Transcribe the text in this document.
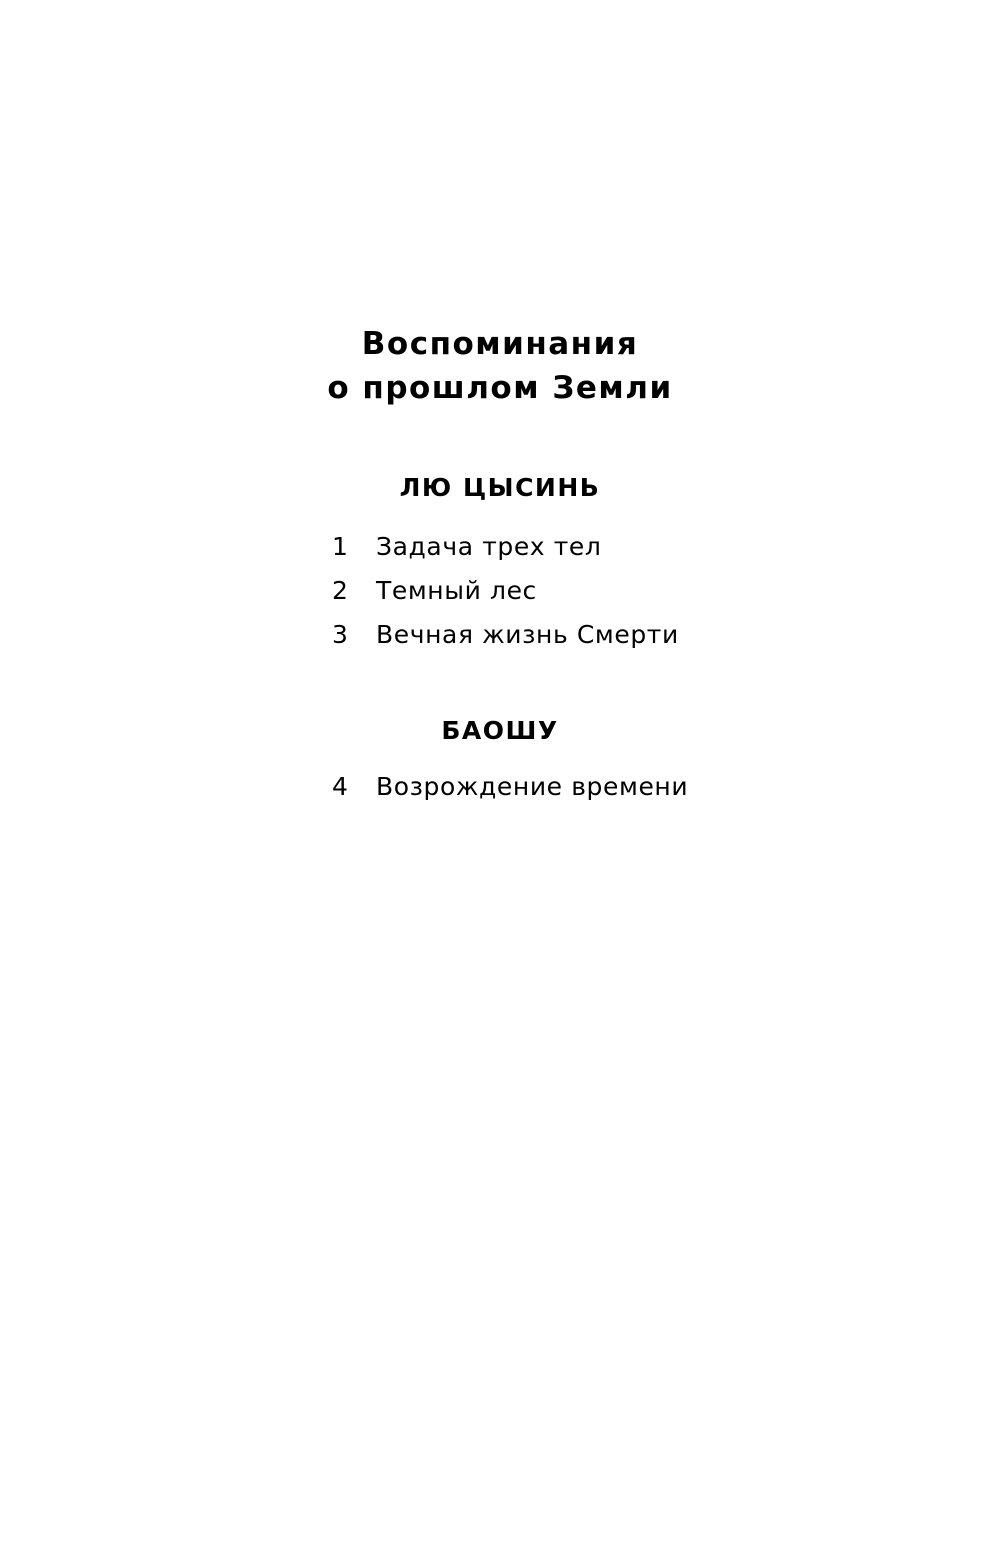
Воспоминания
о прошлом Земли
ЛЮ ЦЫСИНЬ
1 Задача трех тел
2 Темный лес
3 Вечная жизнь Смерти
БАОШУ
4 Возрождение времени
